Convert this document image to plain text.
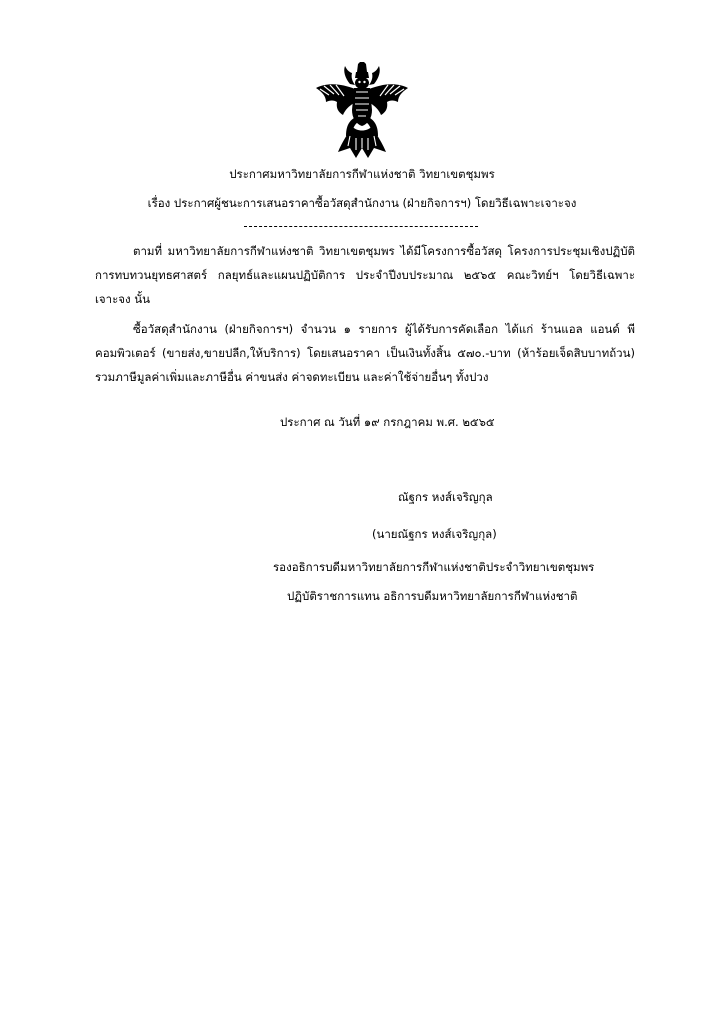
ประกาศมหาวิทยาลัยการกีฬาแห่งชาติ วิทยาเขตชุมพร
เรื่อง ประกาศผู้ชนะการเสนอราคาซื้อวัสดุสำนักงาน (ฝ่ายกิจการฯ) โดยวิธีเฉพาะเจาะจง
ตามที่ มหาวิทยาลัยการกีฬาแห่งชาติ วิทยาเขตชุมพร ได้มีโครงการซื้อวัสดุ โครงการประชุมเชิงปฏิบัติการทบทวนยุทธศาสตร์ กลยุทธ์และแผนปฏิบัติการ ประจำปีงบประมาณ ๒๕๖๕ คณะวิทย์ฯ โดยวิธีเฉพาะเจาะจง นั้น
ซื้อวัสดุสำนักงาน (ฝ่ายกิจการฯ) จำนวน ๑ รายการ ผู้ได้รับการคัดเลือก ได้แก่ ร้านแอล แอนด์ พี คอมพิวเตอร์ (ขายส่ง,ขายปลีก,ให้บริการ) โดยเสนอราคา เป็นเงินทั้งสิ้น ๕๗๐.-บาท (ห้าร้อยเจ็ดสิบบาทถ้วน) รวมภาษีมูลค่าเพิ่มและภาษีอื่น ค่าขนส่ง ค่าจดทะเบียน และค่าใช้จ่ายอื่นๆ ทั้งปวง
ประกาศ ณ วันที่ ๑๙ กรกฎาคม พ.ศ. ๒๕๖๕
ณัฐกร หงส์เจริญกุล
(นายณัฐกร หงส์เจริญกุล)
รองอธิการบดีมหาวิทยาลัยการกีฬาแห่งชาติประจำวิทยาเขตชุมพร
ปฏิบัติราชการแทน อธิการบดีมหาวิทยาลัยการกีฬาแห่งชาติ
